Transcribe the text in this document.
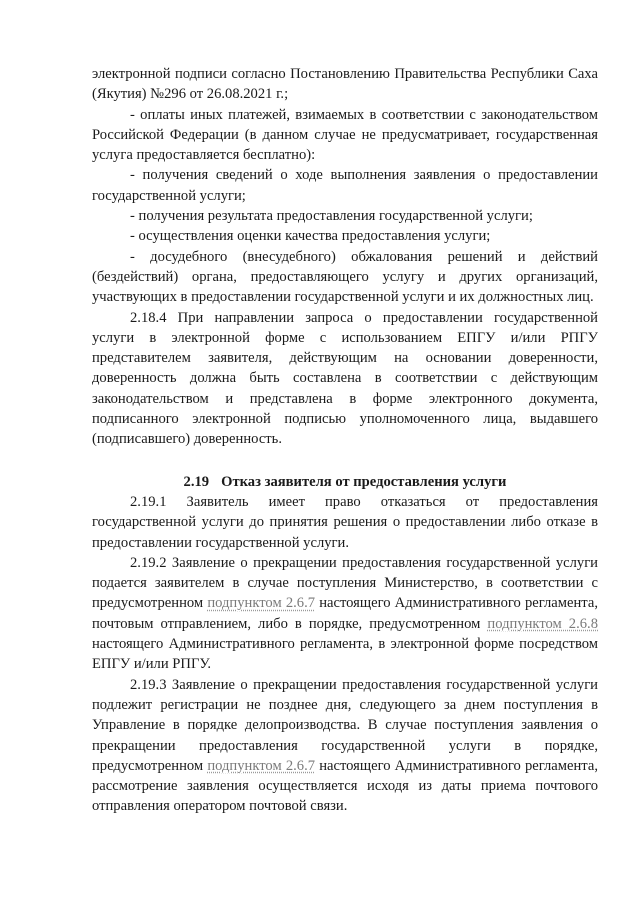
электронной подписи согласно Постановлению Правительства Республики Саха (Якутия) №296 от 26.08.2021 г.;

- оплаты иных платежей, взимаемых в соответствии с законодательством Российской Федерации (в данном случае не предусматривает, государственная услуга предоставляется бесплатно):

- получения сведений о ходе выполнения заявления о предоставлении государственной услуги;

- получения результата предоставления государственной услуги;

- осуществления оценки качества предоставления услуги;

- досудебного (внесудебного) обжалования решений и действий (бездействий) органа, предоставляющего услугу и других организаций, участвующих в предоставлении государственной услуги и их должностных лиц.

2.18.4 При направлении запроса о предоставлении государственной услуги в электронной форме с использованием ЕПГУ и/или РПГУ представителем заявителя, действующим на основании доверенности, доверенность должна быть составлена в соответствии с действующим законодательством и представлена в форме электронного документа, подписанного электронной подписью уполномоченного лица, выдавшего (подписавшего) доверенность.

2.19 Отказ заявителя от предоставления услуги

2.19.1 Заявитель имеет право отказаться от предоставления государственной услуги до принятия решения о предоставлении либо отказе в предоставлении государственной услуги.

2.19.2 Заявление о прекращении предоставления государственной услуги подается заявителем в случае поступления Министерство, в соответствии с предусмотренном подпунктом 2.6.7 настоящего Административного регламента, почтовым отправлением, либо в порядке, предусмотренном подпунктом 2.6.8 настоящего Административного регламента, в электронной форме посредством ЕПГУ и/или РПГУ.

2.19.3 Заявление о прекращении предоставления государственной услуги подлежит регистрации не позднее дня, следующего за днем поступления в Управление в порядке делопроизводства. В случае поступления заявления о прекращении предоставления государственной услуги в порядке, предусмотренном подпунктом 2.6.7 настоящего Административного регламента, рассмотрение заявления осуществляется исходя из даты приема почтового отправления оператором почтовой связи.
